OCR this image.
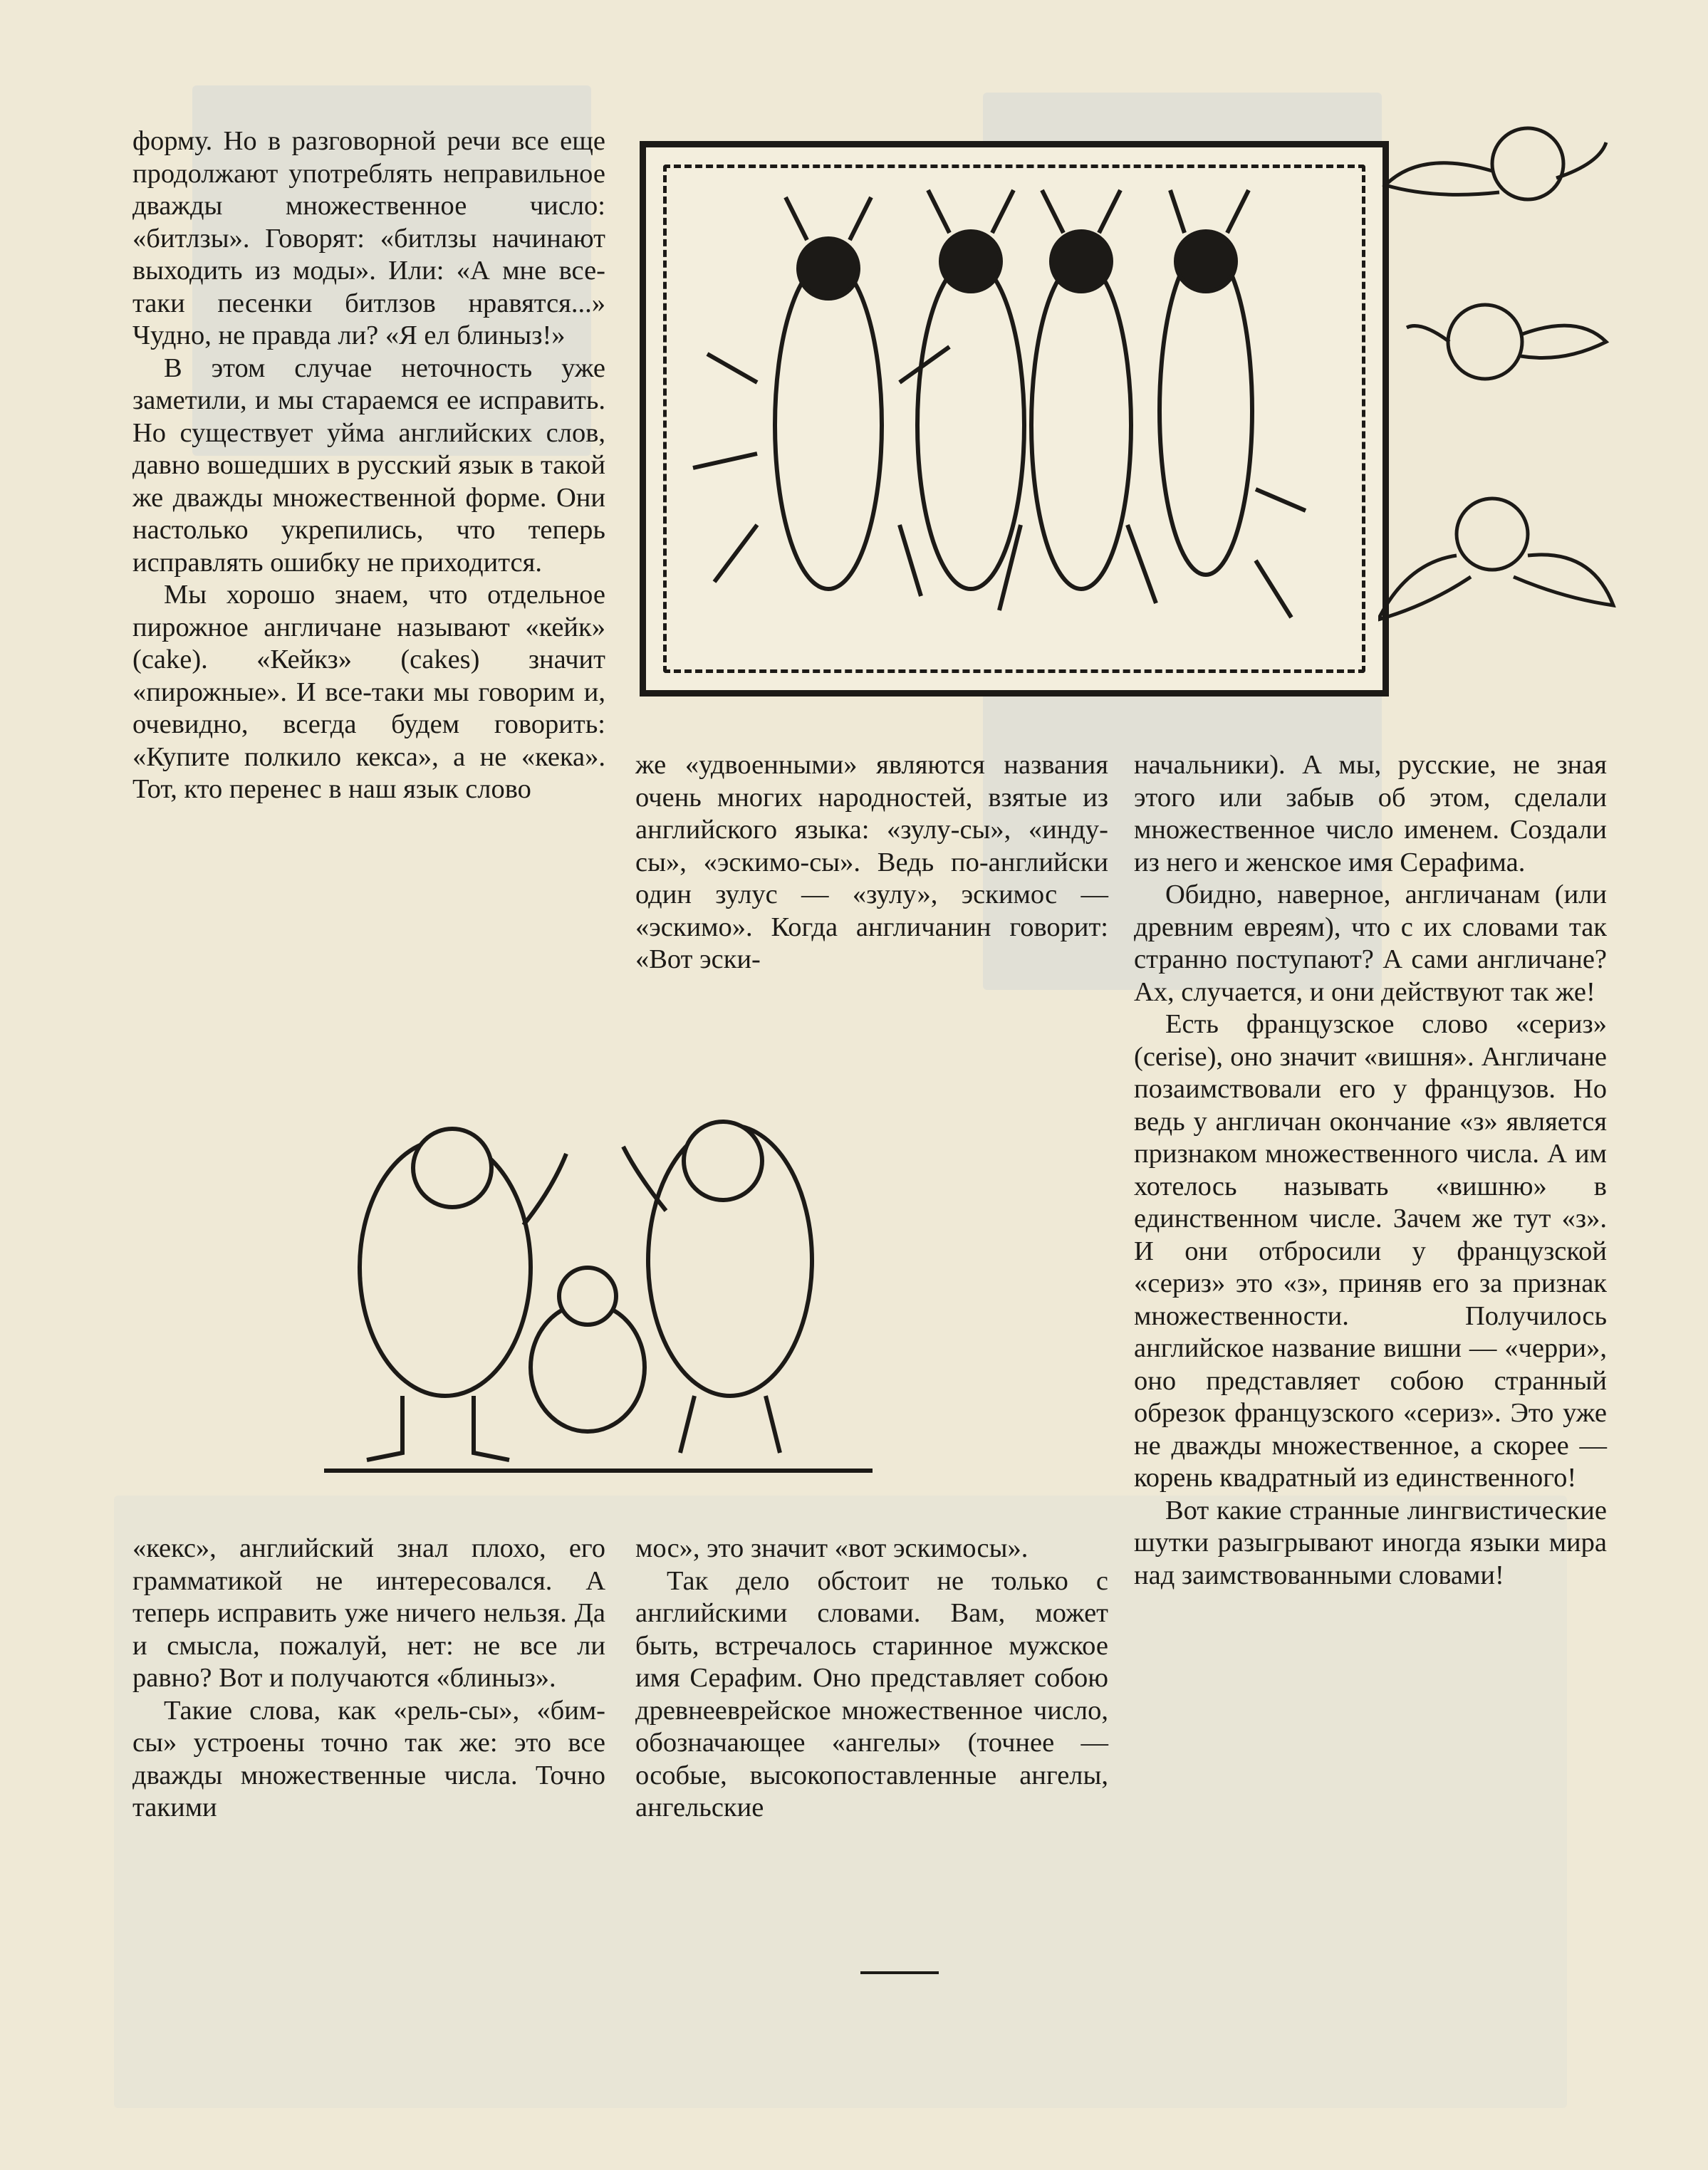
форму. Но в разговорной речи все еще продолжают употреблять неправильное дважды множественное число: «битлзы». Говорят: «битлзы начинают выходить из моды». Или: «А мне все-таки песенки битлзов нравятся...» Чудно, не правда ли? «Я ел блиныз!»

В этом случае неточность уже заметили, и мы стараемся ее исправить. Но существует уйма английских слов, давно вошедших в русский язык в такой же дважды множественной форме. Они настолько укрепились, что теперь исправлять ошибку не приходится.

Мы хорошо знаем, что отдельное пирожное англичане называют «кейк» (cake). «Кейкз» (cakes) значит «пирожные». И все-таки мы говорим и, очевидно, всегда будем говорить: «Купите полкило кекса», а не «кека». Тот, кто перенес в наш язык слово

же «удвоенными» являются названия очень многих народностей, взятые из английского языка: «зулу-сы», «инду-сы», «эскимо-сы». Ведь по-английски один зулус — «зулу», эскимос — «эскимо». Когда англичанин говорит: «Вот эски-

начальники). А мы, русские, не зная этого или забыв об этом, сделали множественное число именем. Создали из него и женское имя Серафима.

Обидно, наверное, англичанам (или древним евреям), что с их словами так странно поступают? А сами англичане? Ах, случается, и они действуют так же!

Есть французское слово «сериз» (cerise), оно значит «вишня». Англичане позаимствовали его у французов. Но ведь у англичан окончание «з» является признаком множественного числа. А им хотелось называть «вишню» в единственном числе. Зачем же тут «з». И они отбросили у французской «сериз» это «з», приняв его за признак множественности. Получилось английское название вишни — «черри», оно представляет собою странный обрезок французского «сериз». Это уже не дважды множественное, а скорее — корень квадратный из единственного!

Вот какие странные лингвистические шутки разыгрывают иногда языки мира над заимствованными словами!

«кекс», английский знал плохо, его грамматикой не интересовался. А теперь исправить уже ничего нельзя. Да и смысла, пожалуй, нет: не все ли равно? Вот и получаются «блиныз».

Такие слова, как «рель-сы», «бим-сы» устроены точно так же: это все дважды множественные числа. Точно такими

мос», это значит «вот эскимосы».

Так дело обстоит не только с английскими словами. Вам, может быть, встречалось старинное мужское имя Серафим. Оно представляет собою древнееврейское множественное число, обозначающее «ангелы» (точнее — особые, высокопоставленные ангелы, ангельские
